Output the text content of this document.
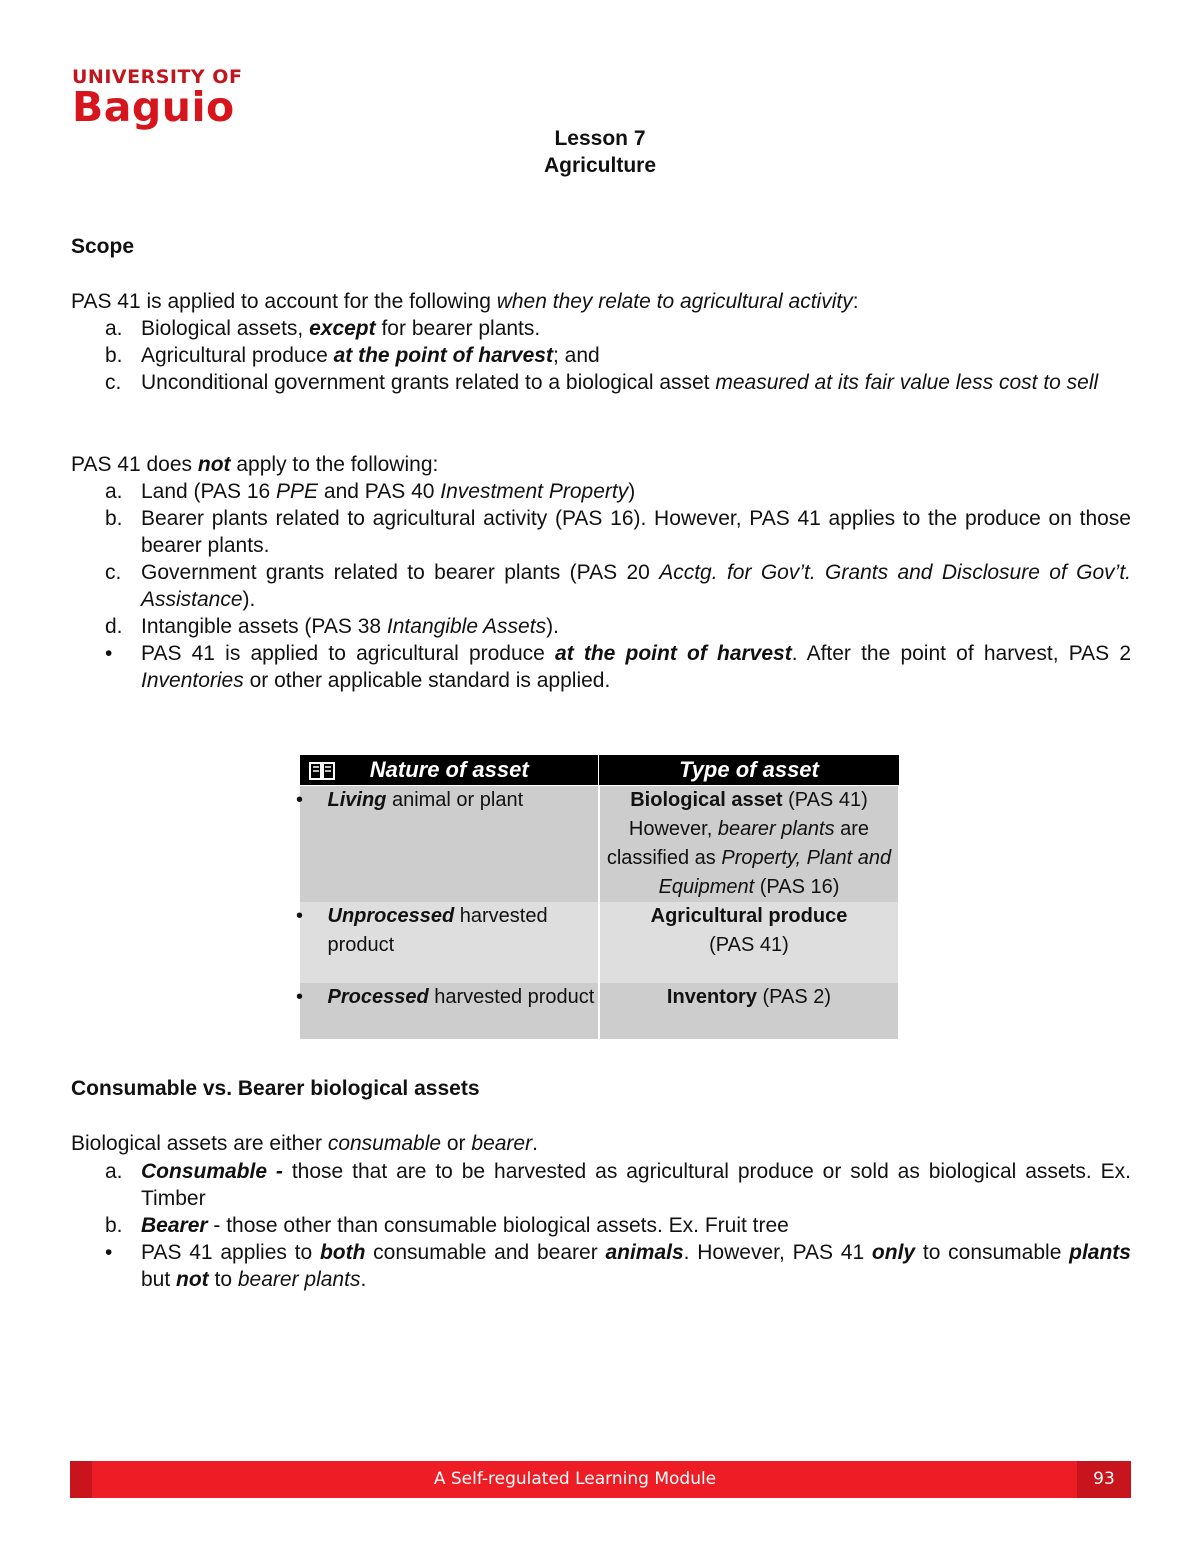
UNIVERSITY OF
Baguio
Lesson 7
Agriculture
Scope
PAS 41 is applied to account for the following when they relate to agricultural activity:
a. Biological assets, except for bearer plants.
b. Agricultural produce at the point of harvest; and
c. Unconditional government grants related to a biological asset measured at its fair value less cost to sell
PAS 41 does not apply to the following:
a. Land (PAS 16 PPE and PAS 40 Investment Property)
b. Bearer plants related to agricultural activity (PAS 16). However, PAS 41 applies to the produce on those bearer plants.
c. Government grants related to bearer plants (PAS 20 Acctg. for Gov’t. Grants and Disclosure of Gov’t. Assistance).
d. Intangible assets (PAS 38 Intangible Assets).
•	PAS 41 is applied to agricultural produce at the point of harvest. After the point of harvest, PAS 2 Inventories or other applicable standard is applied.
Nature of asset	Type of asset

• Living animal or plant	Biological asset (PAS 41)
However, bearer plants are classified as Property, Plant and Equipment (PAS 16)

• Unprocessed harvested product	Agricultural produce
(PAS 41)

• Processed harvested product	Inventory (PAS 2)
Consumable vs. Bearer biological assets
Biological assets are either consumable or bearer.
a. Consumable - those that are to be harvested as agricultural produce or sold as biological assets. Ex. Timber
b. Bearer - those other than consumable biological assets. Ex. Fruit tree
•	PAS 41 applies to both consumable and bearer animals. However, PAS 41 only to consumable plants but not to bearer plants.
A Self-regulated Learning Module	93
